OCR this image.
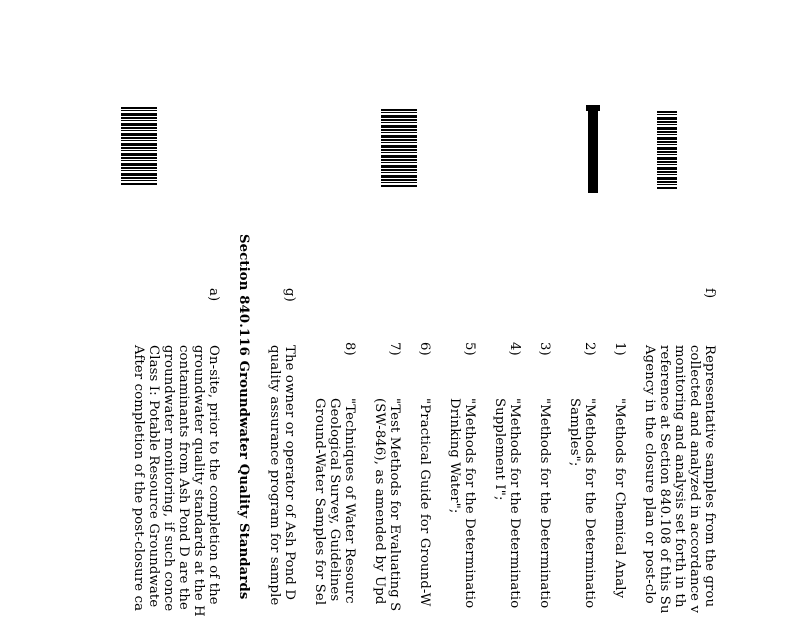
f)
Representative samples from the grou
collected and analyzed in accordance v
monitoring and analysis set forth in th
reference at Section 840.108 of this Su
Agency in the closure plan or post-clo
1)
"Methods for Chemical Analy
2)
"Methods for the Determinatio
Samples";
3)
"Methods for the Determinatio
4)
"Methods for the Determinatio
Supplement I";
5)
"Methods for the Determinatio
Drinking Water";
6)
"Practical Guide for Ground-W
7)
"Test Methods for Evaluating S
(SW-846), as amended by Upd
8)
"Techniques of Water Resourc
Geological Survey, Guidelines
Ground-Water Samples for Sel
g)
The owner or operator of Ash Pond D
quality assurance program for sample
Section 840.116 Groundwater Quality Standards
a)
On-site, prior to the completion of the
groundwater quality standards at the H
contaminants from Ash Pond D are the
groundwater monitoring, if such conce
Class I: Potable Resource Groundwate
After completion of the post-closure ca
